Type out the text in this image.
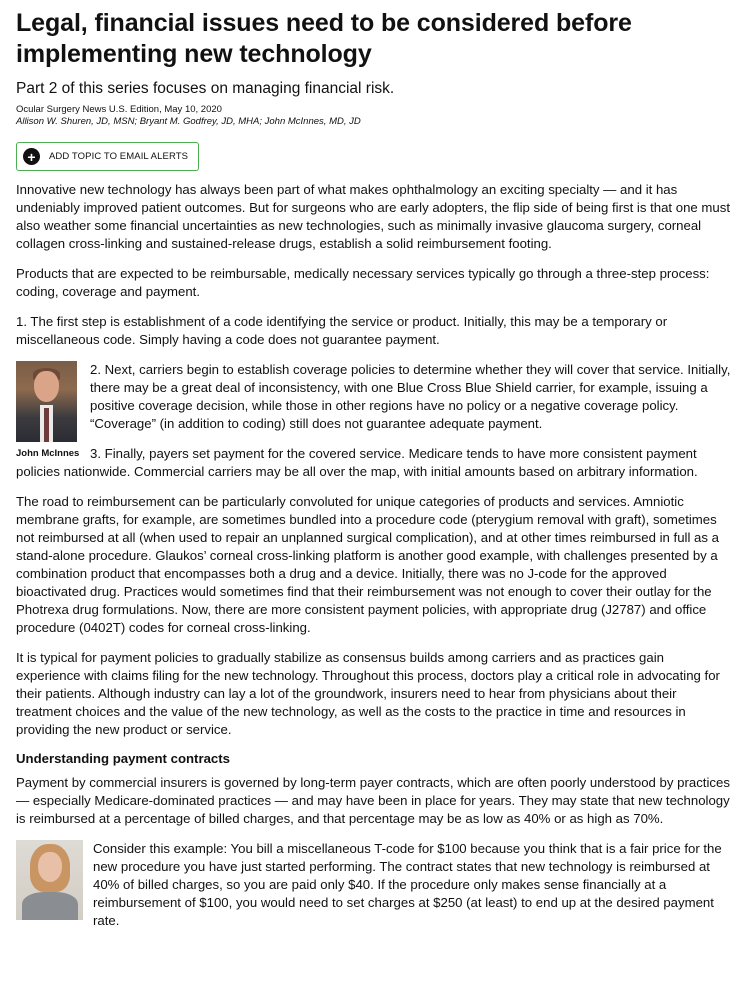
Legal, financial issues need to be considered before implementing new technology
Part 2 of this series focuses on managing financial risk.
Ocular Surgery News U.S. Edition, May 10, 2020
Allison W. Shuren, JD, MSN; Bryant M. Godfrey, JD, MHA; John McInnes, MD, JD
+	ADD TOPIC TO EMAIL ALERTS

Innovative new technology has always been part of what makes ophthalmology an exciting specialty — and it has undeniably improved patient outcomes. But for surgeons who are early adopters, the flip side of being first is that one must also weather some financial uncertainties as new technologies, such as minimally invasive glaucoma surgery, corneal collagen cross-linking and sustained-release drugs, establish a solid reimbursement footing.

Products that are expected to be reimbursable, medically necessary services typically go through a three-step process: coding, coverage and payment.

1. The first step is establishment of a code identifying the service or product. Initially, this may be a temporary or miscellaneous code. Simply having a code does not guarantee payment.

John McInnes

2. Next, carriers begin to establish coverage policies to determine whether they will cover that service. Initially, there may be a great deal of inconsistency, with one Blue Cross Blue Shield carrier, for example, issuing a positive coverage decision, while those in other regions have no policy or a negative coverage policy. “Coverage” (in addition to coding) still does not guarantee adequate payment.

3. Finally, payers set payment for the covered service. Medicare tends to have more consistent payment policies nationwide. Commercial carriers may be all over the map, with initial amounts based on arbitrary information.

The road to reimbursement can be particularly convoluted for unique categories of products and services. Amniotic membrane grafts, for example, are sometimes bundled into a procedure code (pterygium removal with graft), sometimes not reimbursed at all (when used to repair an unplanned surgical complication), and at other times reimbursed in full as a stand-alone procedure. Glaukos’ corneal cross-linking platform is another good example, with challenges presented by a combination product that encompasses both a drug and a device. Initially, there was no J-code for the approved bioactivated drug. Practices would sometimes find that their reimbursement was not enough to cover their outlay for the Photrexa drug formulations. Now, there are more consistent payment policies, with appropriate drug (J2787) and office procedure (0402T) codes for corneal cross-linking.

It is typical for payment policies to gradually stabilize as consensus builds among carriers and as practices gain experience with claims filing for the new technology. Throughout this process, doctors play a critical role in advocating for their patients. Although industry can lay a lot of the groundwork, insurers need to hear from physicians about their treatment choices and the value of the new technology, as well as the costs to the practice in time and resources in providing the new product or service.

Understanding payment contracts

Payment by commercial insurers is governed by long-term payer contracts, which are often poorly understood by practices — especially Medicare-dominated practices — and may have been in place for years. They may state that new technology is reimbursed at a percentage of billed charges, and that percentage may be as low as 40% or as high as 70%.

Consider this example: You bill a miscellaneous T-code for $100 because you think that is a fair price for the new procedure you have just started performing. The contract states that new technology is reimbursed at 40% of billed charges, so you are paid only $40. If the procedure only makes sense financially at a reimbursement of $100, you would need to set charges at $250 (at least) to end up at the desired payment rate.
